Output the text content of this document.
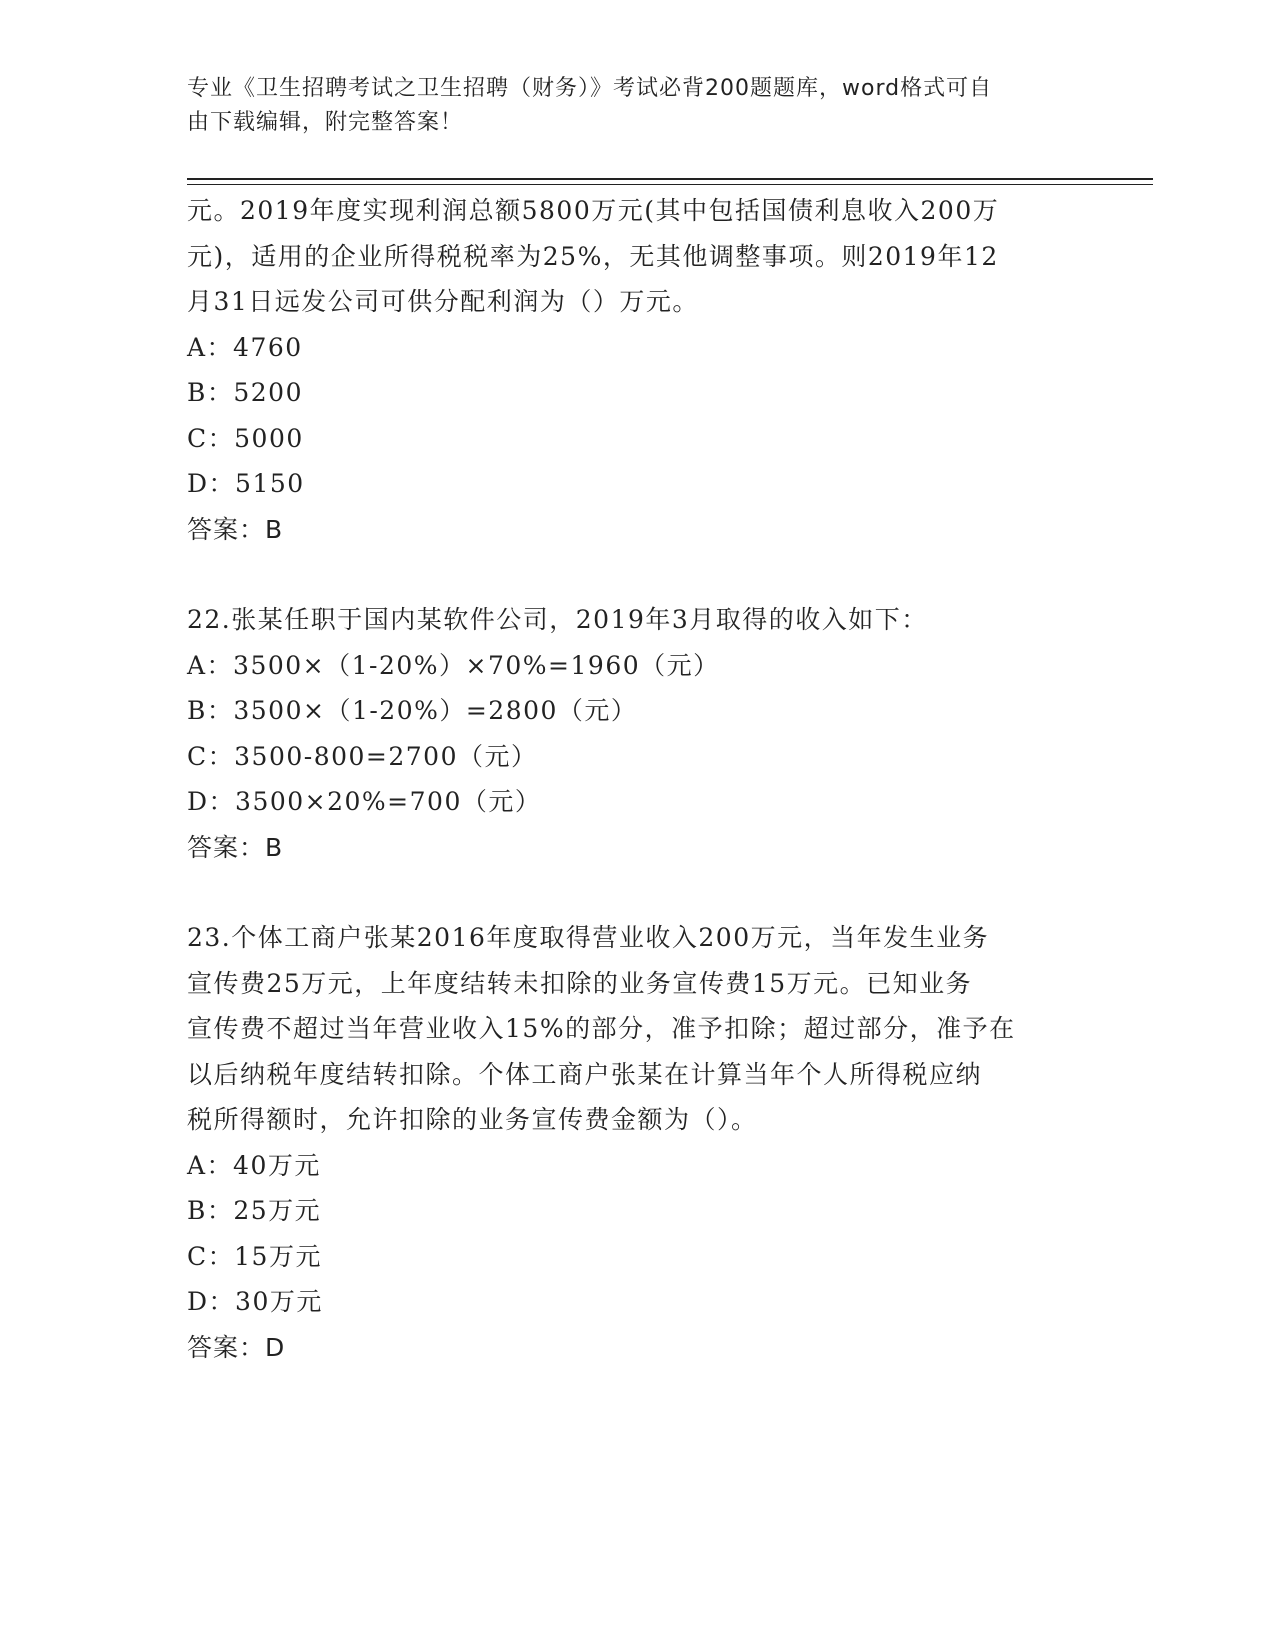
专业《卫生招聘考试之卫生招聘（财务）》考试必背200题题库，word格式可自
由下载编辑，附完整答案！

元。2019年度实现利润总额5800万元(其中包括国债利息收入200万

元)，适用的企业所得税税率为25%，无其他调整事项。则2019年12

月31日远发公司可供分配利润为（）万元。

A：4760

B：5200

C：5000

D：5150

答案：B

22.张某任职于国内某软件公司，2019年3月取得的收入如下：

A：3500×（1-20%）×70%=1960（元）

B：3500×（1-20%）=2800（元）

C：3500-800=2700（元）

D：3500×20%=700（元）

答案：B

23.个体工商户张某2016年度取得营业收入200万元，当年发生业务

宣传费25万元，上年度结转未扣除的业务宣传费15万元。已知业务

宣传费不超过当年营业收入15%的部分，准予扣除；超过部分，准予在

以后纳税年度结转扣除。个体工商户张某在计算当年个人所得税应纳

税所得额时，允许扣除的业务宣传费金额为（）。

A：40万元

B：25万元

C：15万元

D：30万元

答案：D
